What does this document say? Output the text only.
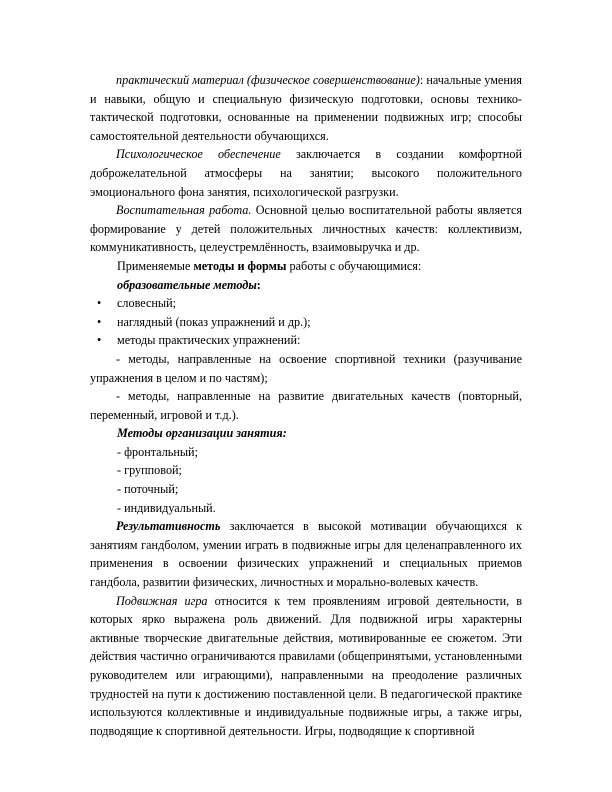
практический материал (физическое совершенствование): начальные умения и навыки, общую и специальную физическую подготовки, основы технико-тактической подготовки, основанные на применении подвижных игр; способы самостоятельной деятельности обучающихся.

Психологическое обеспечение заключается в создании комфортной доброжелательной атмосферы на занятии; высокого положительного эмоционального фона занятия, психологической разгрузки.

Воспитательная работа. Основной целью воспитательной работы является формирование у детей положительных личностных качеств: коллективизм, коммуникативность, целеустремлённость, взаимовыручка и др.

Применяемые методы и формы работы с обучающимися:

образовательные методы:

• словесный;

• наглядный (показ упражнений и др.);

• методы практических упражнений:

- методы, направленные на освоение спортивной техники (разучивание упражнения в целом и по частям);

- методы, направленные на развитие двигательных качеств (повторный, переменный, игровой и т.д.).

Методы организации занятия:

- фронтальный;

- групповой;

- поточный;

- индивидуальный.

Результативность заключается в высокой мотивации обучающихся к занятиям гандболом, умении играть в подвижные игры для целенаправленного их применения в освоении физических упражнений и специальных приемов гандбола, развитии физических, личностных и морально-волевых качеств.

Подвижная игра относится к тем проявлениям игровой деятельности, в которых ярко выражена роль движений. Для подвижной игры характерны активные творческие двигательные действия, мотивированные ее сюжетом. Эти действия частично ограничиваются правилами (общепринятыми, установленными руководителем или играющими), направленными на преодоление различных трудностей на пути к достижению поставленной цели. В педагогической практике используются коллективные и индивидуальные подвижные игры, а также игры, подводящие к спортивной деятельности. Игры, подводящие к спортивной
